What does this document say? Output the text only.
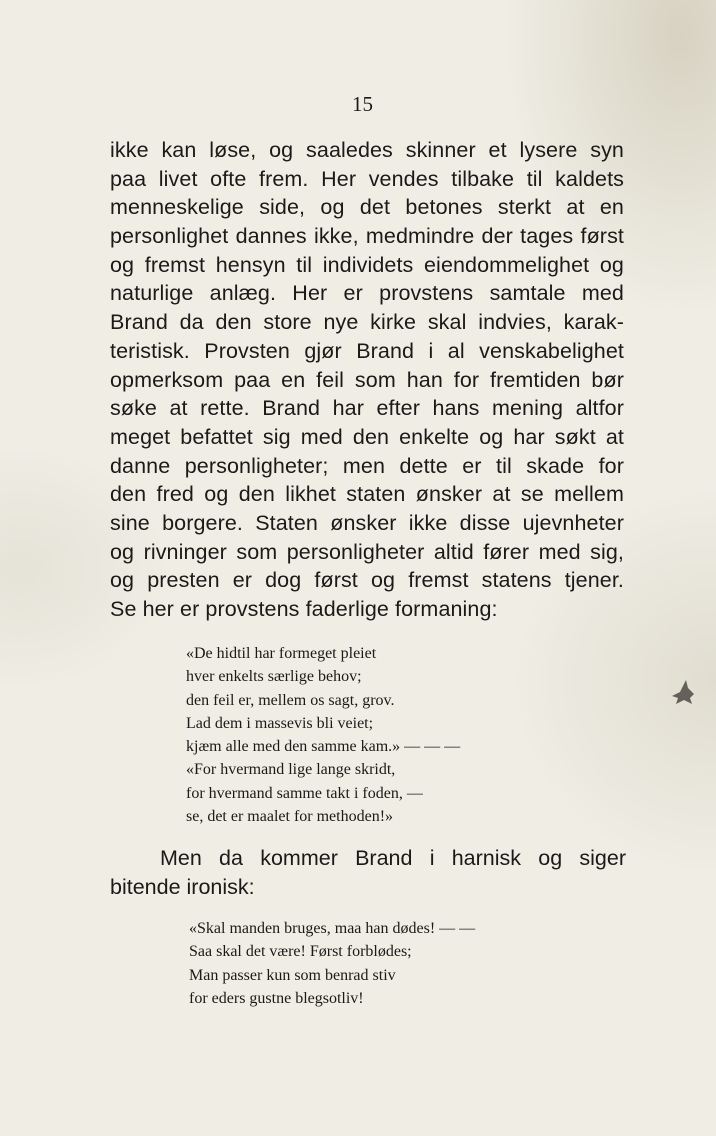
15
ikke kan løse, og saaledes skinner et lysere syn
paa livet ofte frem. Her vendes tilbake til kaldets
menneskelige side, og det betones sterkt at en
personlighet dannes ikke, medmindre der tages først
og fremst hensyn til individets eiendommelighet og
naturlige anlæg. Her er provstens samtale med
Brand da den store nye kirke skal indvies, karak-
teristisk. Provsten gjør Brand i al venskabelighet
opmerksom paa en feil som han for fremtiden bør
søke at rette. Brand har efter hans mening altfor
meget befattet sig med den enkelte og har søkt at
danne personligheter; men dette er til skade for
den fred og den likhet staten ønsker at se mellem
sine borgere. Staten ønsker ikke disse ujevnheter
og rivninger som personligheter altid fører med sig,
og presten er dog først og fremst statens tjener.
Se her er provstens faderlige formaning:
«De hidtil har formeget pleiet
hver enkelts særlige behov;
den feil er, mellem os sagt, grov.
Lad dem i massevis bli veiet;
kjæm alle med den samme kam.» — — —
«For hvermand lige lange skridt,
for hvermand samme takt i foden, —
se, det er maalet for methoden!»
Men da kommer Brand i harnisk og siger
bitende ironisk:
«Skal manden bruges, maa han dødes! — —
Saa skal det være! Først forblødes;
Man passer kun som benrad stiv
for eders gustne blegsotliv!
